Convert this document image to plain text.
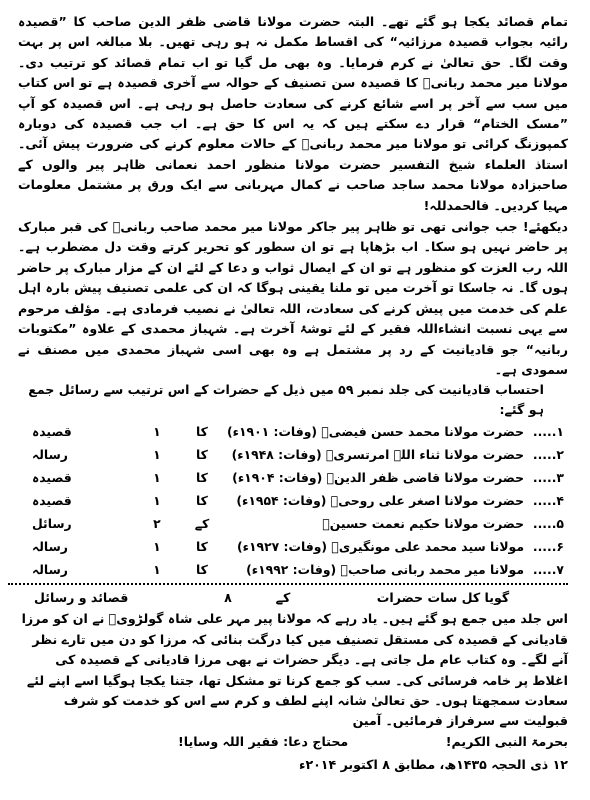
تمام قصائد یکجا ہو گئے تھے۔ البتہ حضرت مولانا قاضی ظفر الدین صاحب کا ”قصیدہ رائیہ بجواب قصیدہ مرزائیہ“ کی اقساط مکمل نہ ہو رہی تھیں۔ بلا مبالغہ اس پر بہت وقت لگا۔ حق تعالیٰ نے کرم فرمایا۔ وہ بھی مل گیا تو اب تمام قصائد کو ترتیب دی۔ مولانا میر محمد ربانیؒ کا قصیدہ سن تصنیف کے حوالہ سے آخری قصیدہ ہے تو اس کتاب میں سب سے آخر پر اسے شائع کرنے کی سعادت حاصل ہو رہی ہے۔ اس قصیدہ کو آپ ”مسک الختام“ قرار دے سکتے ہیں کہ یہ اس کا حق ہے۔ اب جب قصیدہ کی دوبارہ کمپوزنگ کرائی تو مولانا میر محمد ربانیؒ کے حالات معلوم کرنے کی ضرورت پیش آئی۔ استاذ العلماء شیخ التفسیر حضرت مولانا منظور احمد نعمانی ظاہر پیر والوں کے صاحبزادہ مولانا محمد ساجد صاحب نے کمال مہربانی سے ایک ورق پر مشتمل معلومات مہیا کردیں۔ فالحمدللہ!

دیکھئے! جب جوانی تھی تو ظاہر پیر جاکر مولانا میر محمد صاحب ربانیؒ کی قبر مبارک پر حاضر نہیں ہو سکا۔ اب بڑھاپا ہے تو ان سطور کو تحریر کرتے وقت دل مضطرب ہے۔ اللہ رب العزت کو منظور ہے تو ان کے ایصال ثواب و دعا کے لئے ان کے مزار مبارک پر حاضر ہوں گا۔ نہ جاسکا تو آخرت میں تو ملنا یقینی ہوگا کہ ان کی علمی تصنیف پیش بارہ اہل علم کی خدمت میں پیش کرنے کی سعادت، اللہ تعالیٰ نے نصیب فرمادی ہے۔ مؤلف مرحوم سے یہی نسبت انشاءاللہ فقیر کے لئے توشۂ آخرت ہے۔ شہباز محمدی کے علاوہ ”مکتوبات ربانیہ“ جو قادیانیت کے رد پر مشتمل ہے وہ بھی اسی شہباز محمدی میں مصنف نے سمودی ہے۔

احتساب قادیانیت کی جلد نمبر ۵۹ میں ذیل کے حضرات کے اس ترتیب سے رسائل جمع ہو گئے:

۱.....	حضرت مولانا محمد حسن فیضیؒ (وفات: ۱۹۰۱ء)	کا	۱	قصیدہ
۲.....	حضرت مولانا ثناء اللہ امرتسریؒ (وفات: ۱۹۴۸ء)	کا	۱	رسالہ
۳.....	حضرت مولانا قاضی ظفر الدینؒ (وفات: ۱۹۰۴ء)	کا	۱	قصیدہ
۴.....	حضرت مولانا اصغر علی روحیؒ (وفات: ۱۹۵۴ء)	کا	۱	قصیدہ
۵.....	حضرت مولانا حکیم نعمت حسینؒ	کے	۲	رسائل
۶.....	مولانا سید محمد علی مونگیریؒ (وفات: ۱۹۲۷ء)	کا	۱	رسالہ
۷.....	مولانا میر محمد ربانی صاحبؒ (وفات: ۱۹۹۲ء)	کا	۱	رسالہ
گویا کل سات حضرات
کے
۸
قصائد و رسائل

اس جلد میں جمع ہو گئے ہیں۔ یاد رہے کہ مولانا پیر مہر علی شاہ گولڑویؒ نے ان کو مرزا قادیانی کے قصیدہ کی مستقل تصنیف میں کیا درگت بنائی کہ مرزا کو دن میں تارے نظر آنے لگے۔ وہ کتاب عام مل جاتی ہے۔ دیگر حضرات نے بھی مرزا قادیانی کے قصیدہ کی اغلاط پر خامہ فرسائی کی۔ سب کو جمع کرنا تو مشکل تھا، جتنا یکجا ہوگیا اسے اپنے لئے سعادت سمجھتا ہوں۔ حق تعالیٰ شانہ اپنے لطف و کرم سے اس کو خدمت کو شرف قبولیت سے سرفراز فرمائیں۔ آمین

بحرمۃ النبی الکریم!
محتاج دعا: فقیر اللہ وسایا!

۱۲ ذی الحجہ ۱۴۳۵ھ، مطابق ۸ اکتوبر ۲۰۱۴ء
